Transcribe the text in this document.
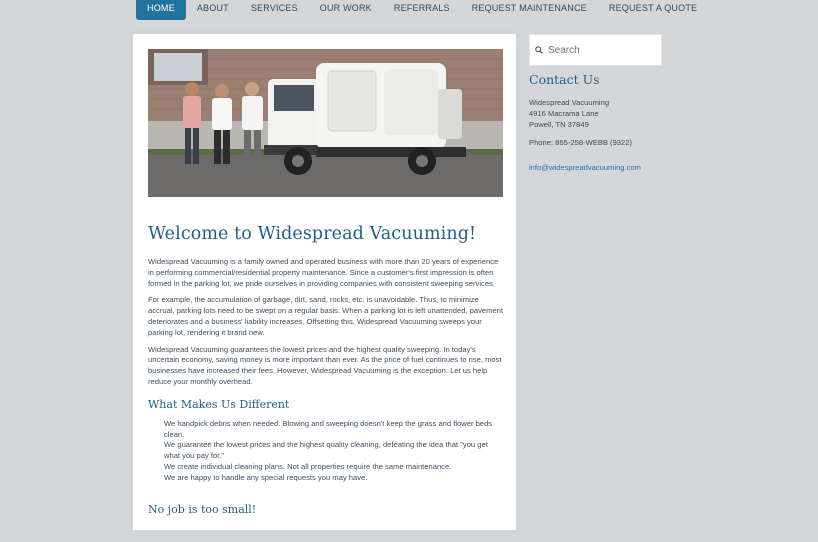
HOME	ABOUT	SERVICES	OUR WORK	REFERRALS	REQUEST MAINTENANCE	REQUEST A QUOTE
Welcome to Widespread Vacuuming!

Widespread Vacuuming is a family owned and operated business with more than 20 years of experience in performing commercial/residential property maintenance. Since a customer's first impression is often formed in the parking lot, we pride ourselves in providing companies with consistent sweeping services.

For example, the accumulation of garbage, dirt, sand, rocks, etc. is unavoidable. Thus, to minimize accrual, parking lots need to be swept on a regular basis. When a parking lot is left unattended, pavement deteriorates and a business' liability increases. Offsetting this, Widespread Vacuuming sweeps your parking lot, rendering it brand new.

Widespread Vacuuming guarantees the lowest prices and the highest quality sweeping. In today's uncertain economy, saving money is more important than ever. As the price of fuel continues to rise, most businesses have increased their fees. However, Widespread Vacuuming is the exception. Let us help reduce your monthly overhead.

What Makes Us Different
We handpick debris when needed. Blowing and sweeping doesn't keep the grass and flower beds clean.
We guarantee the lowest prices and the highest quality cleaning, defeating the idea that "you get what you pay for."
We create individual cleaning plans. Not all properties require the same maintenance.
We are happy to handle any special requests you may have.
No job is too small!
Search
Contact Us
Widespread Vacuuming
4916 Macrama Lane
Powell, TN 37849
Phone: 865-258-WEBB (9322)
info@widespreadvacuuming.com
